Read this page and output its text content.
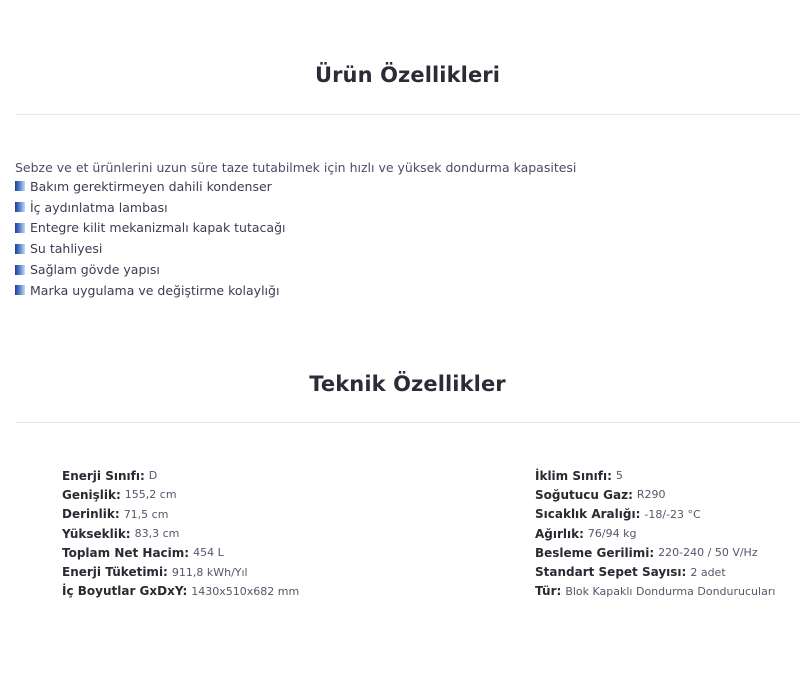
Ürün Özellikleri

Sebze ve et ürünlerini uzun süre taze tutabilmek için hızlı ve yüksek dondurma kapasitesi

Bakım gerektirmeyen dahili kondenser
İç aydınlatma lambası
Entegre kilit mekanizmalı kapak tutacağı
Su tahliyesi
Sağlam gövde yapısı
Marka uygulama ve değiştirme kolaylığı
Teknik Özellikler
Enerji Sınıfı: D
Genişlik: 155,2 cm
Derinlik: 71,5 cm
Yükseklik: 83,3 cm
Toplam Net Hacim: 454 L
Enerji Tüketimi: 911,8 kWh/Yıl
İç Boyutlar GxDxY: 1430x510x682 mm
İklim Sınıfı: 5
Soğutucu Gaz: R290
Sıcaklık Aralığı: -18/-23 °C
Ağırlık: 76/94 kg
Besleme Gerilimi: 220-240 / 50 V/Hz
Standart Sepet Sayısı: 2 adet
Tür: Blok Kapaklı Dondurma Dondurucuları
